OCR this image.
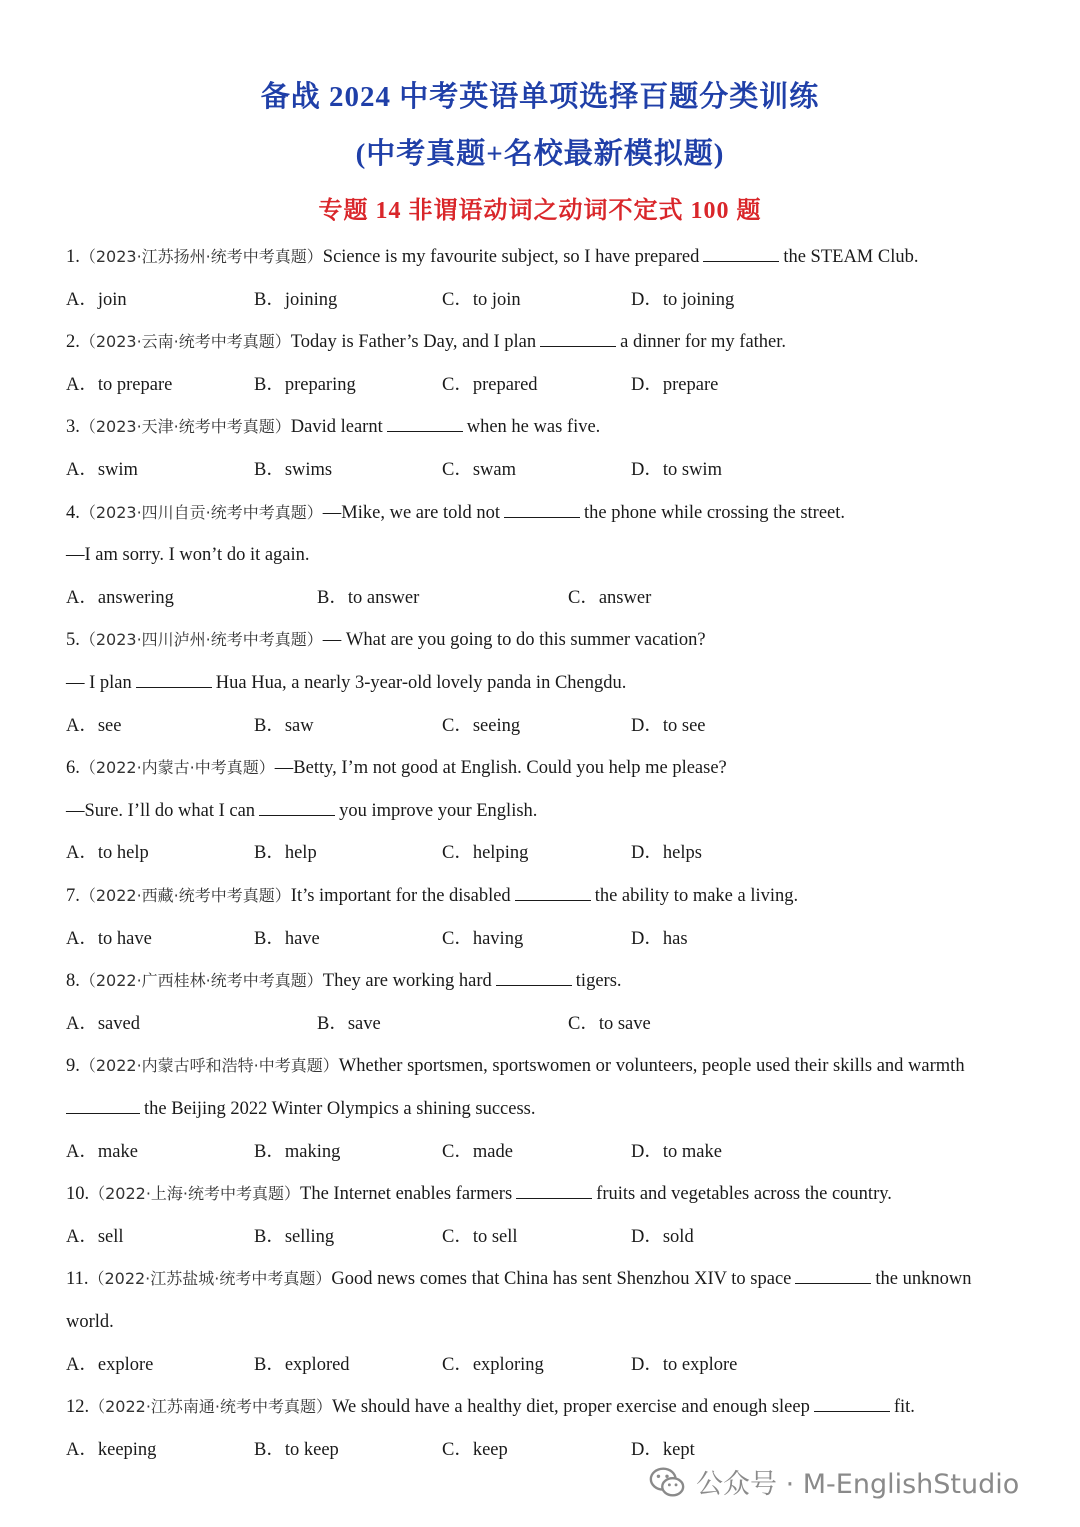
备战 2024 中考英语单项选择百题分类训练
(中考真题+名校最新模拟题)
专题 14 非谓语动词之动词不定式 100 题
1.（2023·江苏扬州·统考中考真题）Science is my favourite subject, so I have prepared	the STEAM Club.
A．join	B．joining	C．to join	D．to joining
2.（2023·云南·统考中考真题）Today is Father’s Day, and I plan	a dinner for my father.
A．to prepare	B．preparing	C．prepared	D．prepare
3.（2023·天津·统考中考真题）David learnt	when he was five.
A．swim	B．swims	C．swam	D．to swim
4.（2023·四川自贡·统考中考真题）—Mike, we are told not	the phone while crossing the street.
—I am sorry. I won’t do it again.
A．answering	B．to answer	C．answer
5.（2023·四川泸州·统考中考真题）— What are you going to do this summer vacation?
— I plan	Hua Hua, a nearly 3-year-old lovely panda in Chengdu.
A．see	B．saw	C．seeing	D．to see
6.（2022·内蒙古·中考真题）—Betty, I’m not good at English. Could you help me please?
—Sure. I’ll do what I can	you improve your English.
A．to help	B．help	C．helping	D．helps
7.（2022·西藏·统考中考真题）It’s important for the disabled	the ability to make a living.
A．to have	B．have	C．having	D．has
8.（2022·广西桂林·统考中考真题）They are working hard	tigers.
A．saved	B．save	C．to save
9.（2022·内蒙古呼和浩特·中考真题）Whether sportsmen, sportswomen or volunteers, people used their skills and warmth
the Beijing 2022 Winter Olympics a shining success.
A．make	B．making	C．made	D．to make
10.（2022·上海·统考中考真题）The Internet enables farmers	fruits and vegetables across the country.
A．sell	B．selling	C．to sell	D．sold
11.（2022·江苏盐城·统考中考真题）Good news comes that China has sent Shenzhou XIV to space	the unknown
world.
A．explore	B．explored	C．exploring	D．to explore
12.（2022·江苏南通·统考中考真题）We should have a healthy diet, proper exercise and enough sleep	fit.
A．keeping	B．to keep	C．keep	D．kept
公众号 · M-EnglishStudio
